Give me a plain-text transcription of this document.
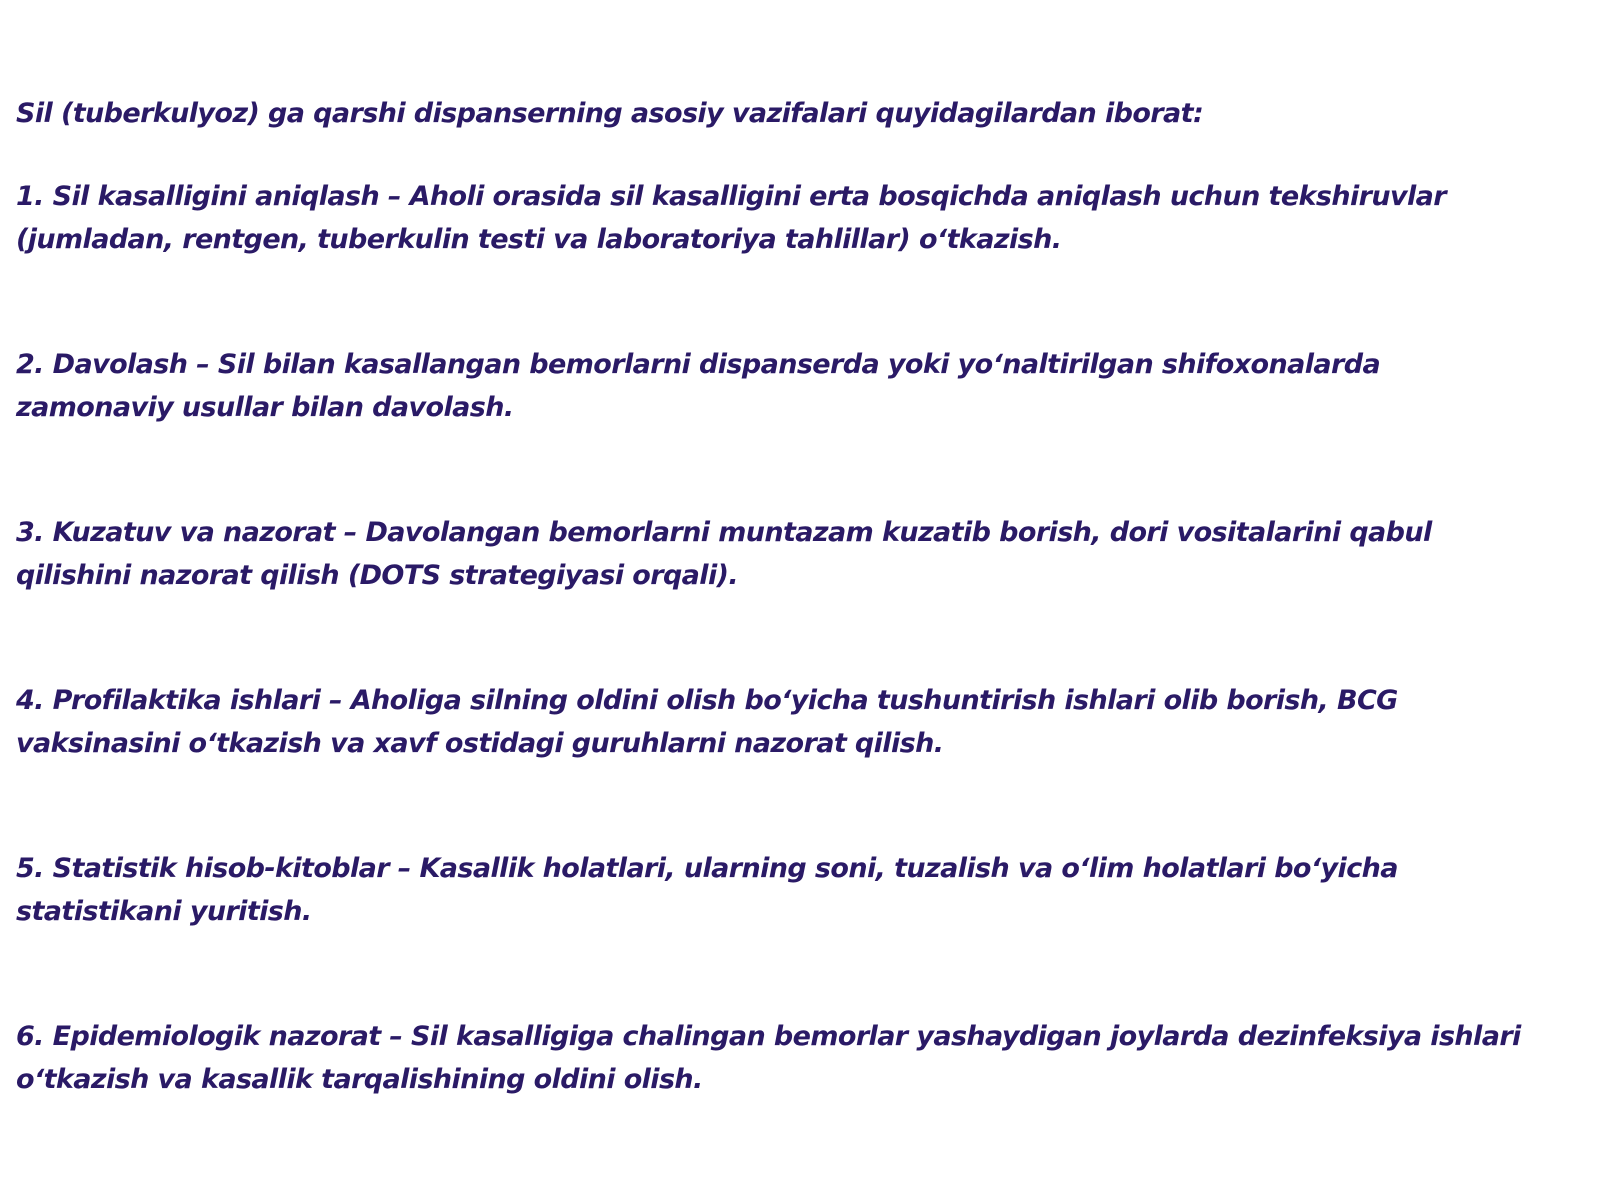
Sil (tuberkulyoz) ga qarshi dispanserning asosiy vazifalari quyidagilardan iborat:
1. Sil kasalligini aniqlash – Aholi orasida sil kasalligini erta bosqichda aniqlash uchun tekshiruvlar
(jumladan, rentgen, tuberkulin testi va laboratoriya tahlillar) oʻtkazish.
2. Davolash – Sil bilan kasallangan bemorlarni dispanserda yoki yoʻnaltirilgan shifoxonalarda
zamonaviy usullar bilan davolash.
3. Kuzatuv va nazorat – Davolangan bemorlarni muntazam kuzatib borish, dori vositalarini qabul
qilishini nazorat qilish (DOTS strategiyasi orqali).
4. Profilaktika ishlari – Aholiga silning oldini olish boʻyicha tushuntirish ishlari olib borish, BCG
vaksinasini oʻtkazish va xavf ostidagi guruhlarni nazorat qilish.
5. Statistik hisob-kitoblar – Kasallik holatlari, ularning soni, tuzalish va oʻlim holatlari boʻyicha
statistikani yuritish.
6. Epidemiologik nazorat – Sil kasalligiga chalingan bemorlar yashaydigan joylarda dezinfeksiya ishlari
oʻtkazish va kasallik tarqalishining oldini olish.
